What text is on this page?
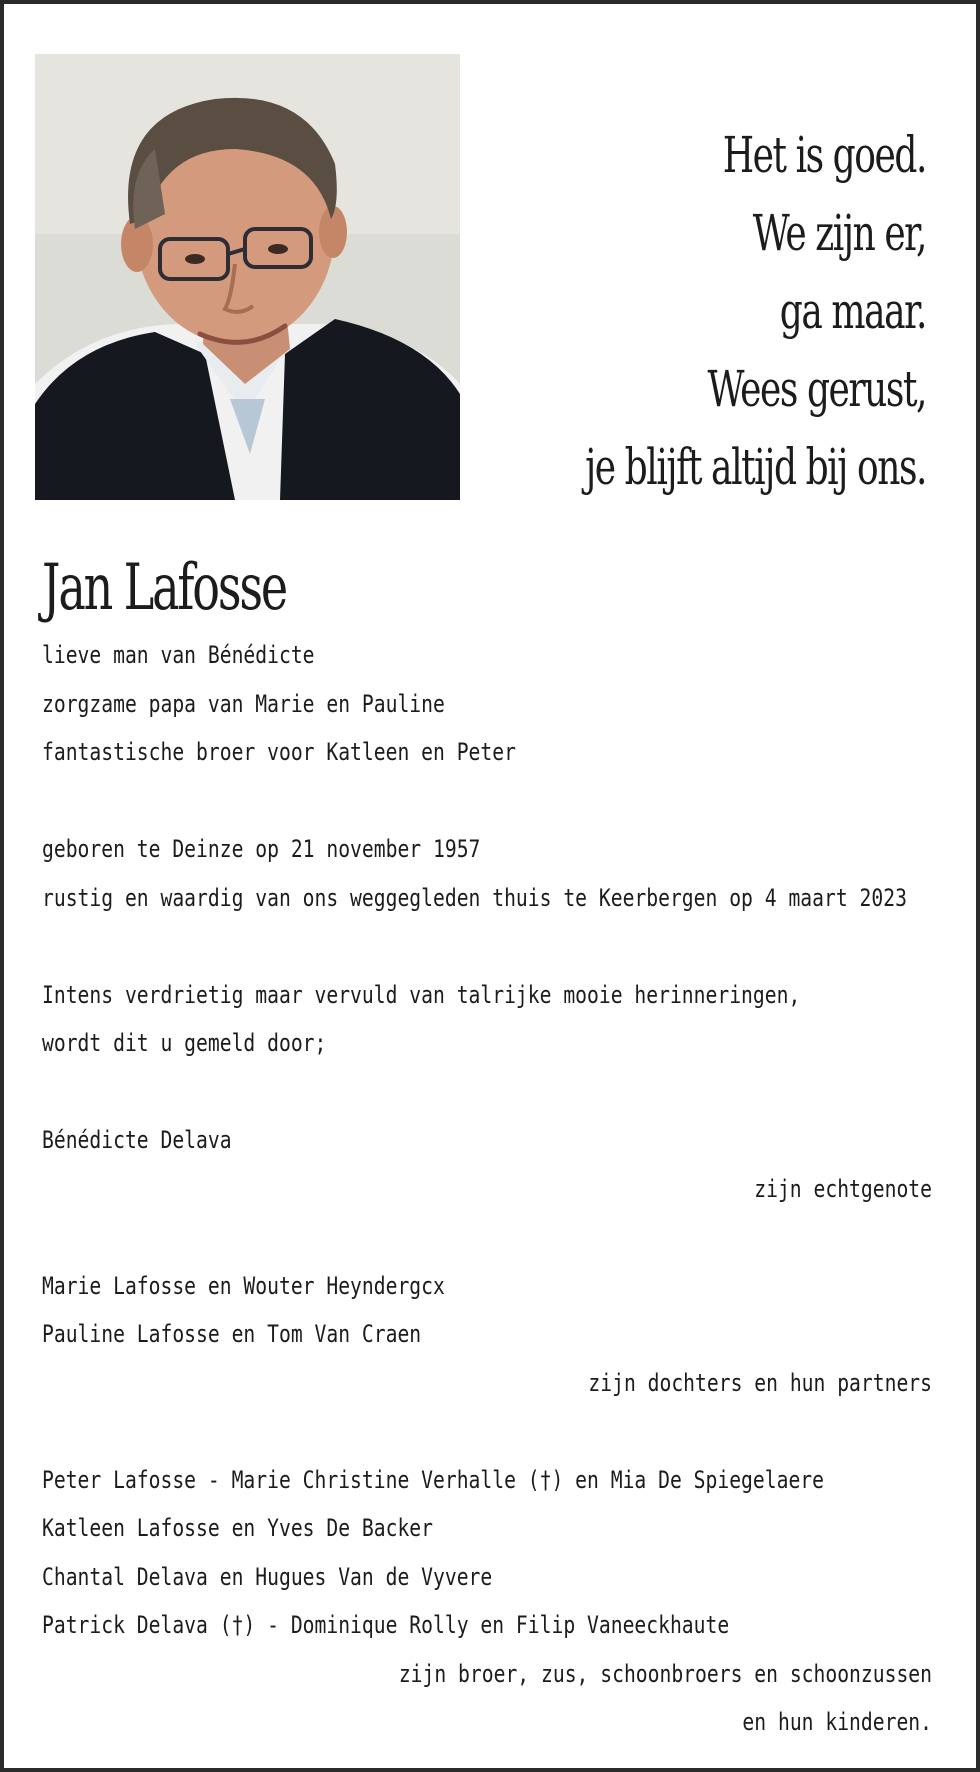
Het is goed.
We zijn er,
ga maar.
Wees gerust,
je blijft altijd bij ons.
Jan Lafosse
lieve man van Bénédicte
zorgzame papa van Marie en Pauline
fantastische broer voor Katleen en Peter
geboren te Deinze op 21 november 1957
rustig en waardig van ons weggegleden thuis te Keerbergen op 4 maart 2023
Intens verdrietig maar vervuld van talrijke mooie herinneringen,
wordt dit u gemeld door;
Bénédicte Delava
zijn echtgenote
Marie Lafosse en Wouter Heyndergcx
Pauline Lafosse en Tom Van Craen
zijn dochters en hun partners
Peter Lafosse - Marie Christine Verhalle (†) en Mia De Spiegelaere
Katleen Lafosse en Yves De Backer
Chantal Delava en Hugues Van de Vyvere
Patrick Delava (†) - Dominique Rolly en Filip Vaneeckhaute
zijn broer, zus, schoonbroers en schoonzussen
en hun kinderen.
